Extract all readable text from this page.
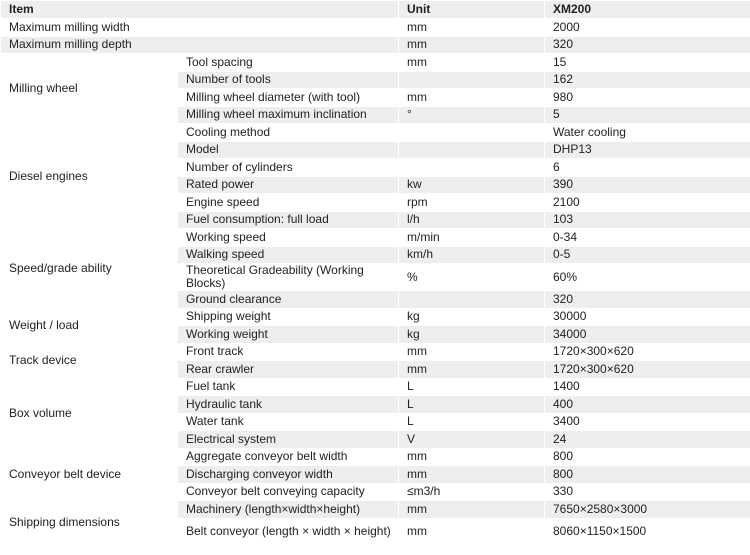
Item		Unit	XM200
Maximum milling width		mm	2000
Maximum milling depth		mm	320
Milling wheel	Tool spacing	mm	15
	Number of tools		162
	Milling wheel diameter (with tool)	mm	980
	Milling wheel maximum inclination	°	5
Diesel engines	Cooling method		Water cooling
	Model		DHP13
	Number of cylinders		6
	Rated power	kw	390
	Engine speed	rpm	2100
	Fuel consumption: full load	l/h	103
Speed/grade ability	Working speed	m/min	0-34
	Walking speed	km/h	0-5
	Theoretical Gradeability (Working Blocks)	%	60%
	Ground clearance		320
Weight / load	Shipping weight	kg	30000
	Working weight	kg	34000
Track device	Front track	mm	1720×300×620
	Rear crawler	mm	1720×300×620
Box volume	Fuel tank	L	1400
	Hydraulic tank	L	400
	Water tank	L	3400
	Electrical system	V	24
Conveyor belt device	Aggregate conveyor belt width	mm	800
	Discharging conveyor width	mm	800
	Conveyor belt conveying capacity	≤m3/h	330
Shipping dimensions	Machinery (length×width×height)	mm	7650×2580×3000
	Belt conveyor (length × width × height)	mm	8060×1150×1500
